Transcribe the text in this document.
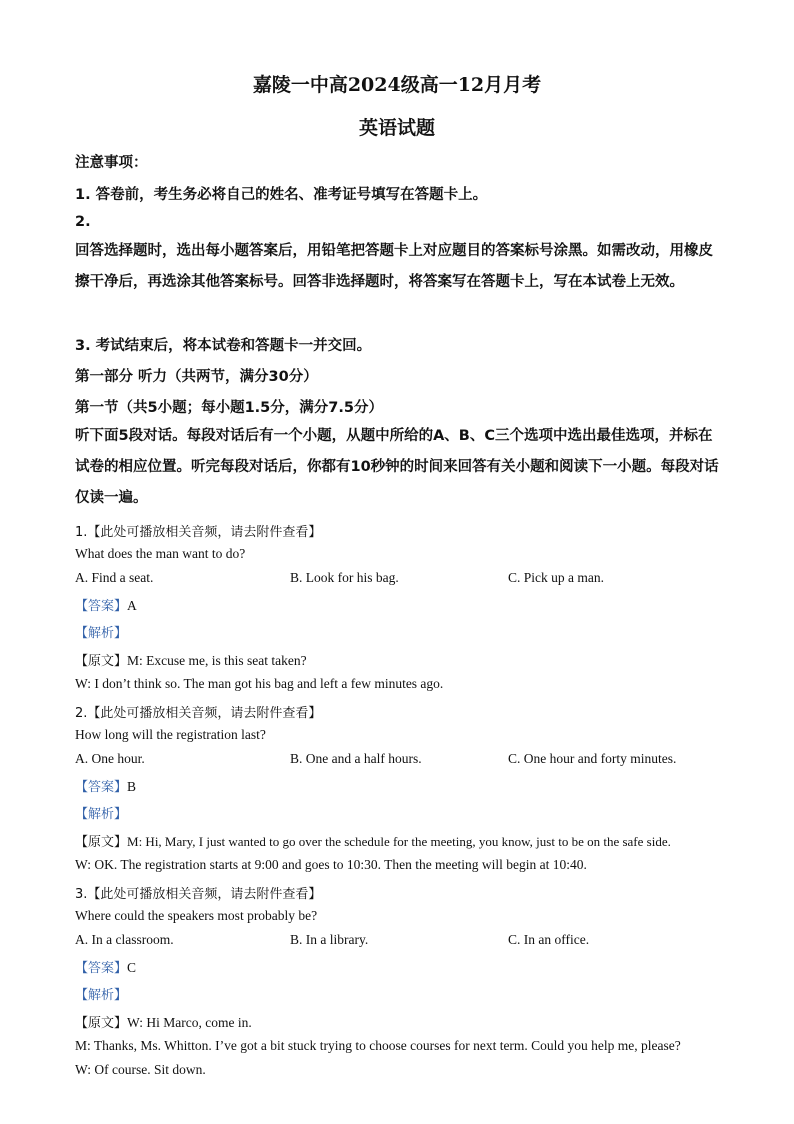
嘉陵一中高2024级高一12月月考
英语试题
注意事项：
1. 答卷前，考生务必将自己的姓名、准考证号填写在答题卡上。
2.
回答选择题时，选出每小题答案后，用铅笔把答题卡上对应题目的答案标号涂黑。如需改动，用橡皮擦干净后，再选涂其他答案标号。回答非选择题时，将答案写在答题卡上，写在本试卷上无效。
3. 考试结束后，将本试卷和答题卡一并交回。
第一部分 听力（共两节，满分30分）
第一节（共5小题；每小题1.5分，满分7.5分）
听下面5段对话。每段对话后有一个小题，从题中所给的A、B、C三个选项中选出最佳选项，并标在试卷的相应位置。听完每段对话后，你都有10秒钟的时间来回答有关小题和阅读下一小题。每段对话仅读一遍。
1.【此处可播放相关音频，请去附件查看】
What does the man want to do?
A. Find a seat.	B. Look for his bag.	C. Pick up a man.
【答案】A
【解析】
【原文】M: Excuse me, is this seat taken?
W: I don’t think so. The man got his bag and left a few minutes ago.
2.【此处可播放相关音频，请去附件查看】
How long will the registration last?
A. One hour.	B. One and a half hours.	C. One hour and forty minutes.
【答案】B
【解析】
【原文】M: Hi, Mary, I just wanted to go over the schedule for the meeting, you know, just to be on the safe side.
W: OK. The registration starts at 9:00 and goes to 10:30. Then the meeting will begin at 10:40.
3.【此处可播放相关音频，请去附件查看】
Where could the speakers most probably be?
A. In a classroom.	B. In a library.	C. In an office.
【答案】C
【解析】
【原文】W: Hi Marco, come in.
M: Thanks, Ms. Whitton. I’ve got a bit stuck trying to choose courses for next term. Could you help me, please?
W: Of course. Sit down.
